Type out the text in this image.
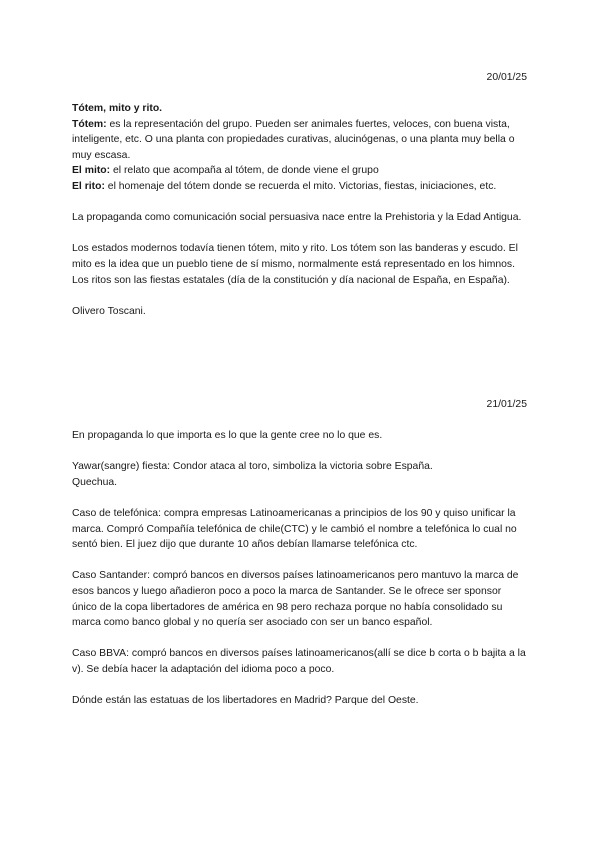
20/01/25

Tótem, mito y rito.

Tótem: es la representación del grupo. Pueden ser animales fuertes, veloces, con buena vista, inteligente, etc. O una planta con propiedades curativas, alucinógenas, o una planta muy bella o muy escasa.

El mito: el relato que acompaña al tótem, de donde viene el grupo

El rito: el homenaje del tótem donde se recuerda el mito. Victorias, fiestas, iniciaciones, etc.

La propaganda como comunicación social persuasiva nace entre la Prehistoria y la Edad Antigua.

Los estados modernos todavía tienen tótem, mito y rito. Los tótem son las banderas y escudo. El mito es la idea que un pueblo tiene de sí mismo, normalmente está representado en los himnos. Los ritos son las fiestas estatales (día de la constitución y día nacional de España, en España).

Olivero Toscani.

21/01/25

En propaganda lo que importa es lo que la gente cree no lo que es.

Yawar(sangre) fiesta: Condor ataca al toro, simboliza la victoria sobre España.

Quechua.

Caso de telefónica: compra empresas Latinoamericanas a principios de los 90 y quiso unificar la marca. Compró Compañía telefónica de chile(CTC) y le cambió el nombre a telefónica lo cual no sentó bien. El juez dijo que durante 10 años debían llamarse telefónica ctc.

Caso Santander: compró bancos en diversos países latinoamericanos pero mantuvo la marca de esos bancos y luego añadieron poco a poco la marca de Santander. Se le ofrece ser sponsor único de la copa libertadores de américa en 98 pero rechaza porque no había consolidado su marca como banco global y no quería ser asociado con ser un banco español.

Caso BBVA: compró bancos en diversos países latinoamericanos(allí se dice b corta o b bajita a la v). Se debía hacer la adaptación del idioma poco a poco.

Dónde están las estatuas de los libertadores en Madrid? Parque del Oeste.
